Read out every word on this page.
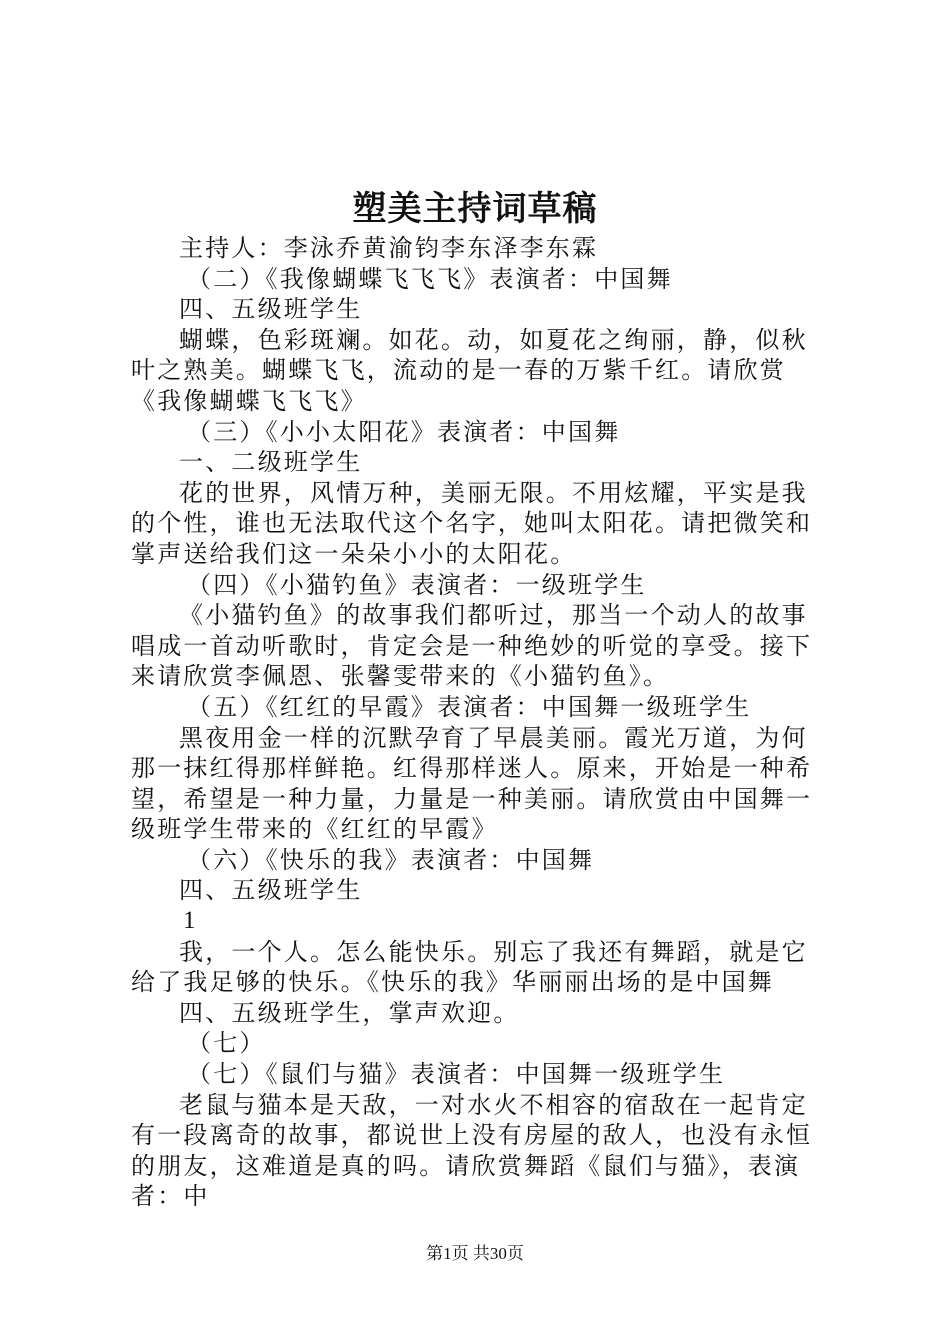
塑美主持词草稿

主持人：李泳乔黄渝钧李东泽李东霖

（二）《我像蝴蝶飞飞飞》表演者：中国舞

四、五级班学生

蝴蝶，色彩斑斓。如花。动，如夏花之绚丽，静，似秋叶之熟美。蝴蝶飞飞，流动的是一春的万紫千红。请欣赏《我像蝴蝶飞飞飞》

（三）《小小太阳花》表演者：中国舞

一、二级班学生

花的世界，风情万种，美丽无限。不用炫耀，平实是我的个性，谁也无法取代这个名字，她叫太阳花。请把微笑和掌声送给我们这一朵朵小小的太阳花。

（四）《小猫钓鱼》表演者：一级班学生

《小猫钓鱼》的故事我们都听过，那当一个动人的故事唱成一首动听歌时，肯定会是一种绝妙的听觉的享受。接下来请欣赏李佩恩、张馨雯带来的《小猫钓鱼》。

（五）《红红的早霞》表演者：中国舞一级班学生

黑夜用金一样的沉默孕育了早晨美丽。霞光万道，为何那一抹红得那样鲜艳。红得那样迷人。原来，开始是一种希望，希望是一种力量，力量是一种美丽。请欣赏由中国舞一级班学生带来的《红红的早霞》

（六）《快乐的我》表演者：中国舞

四、五级班学生

1

我，一个人。怎么能快乐。别忘了我还有舞蹈，就是它给了我足够的快乐。《快乐的我》华丽丽出场的是中国舞

四、五级班学生，掌声欢迎。

（七）

（七）《鼠们与猫》表演者：中国舞一级班学生

老鼠与猫本是天敌，一对水火不相容的宿敌在一起肯定有一段离奇的故事，都说世上没有房屋的敌人，也没有永恒的朋友，这难道是真的吗。请欣赏舞蹈《鼠们与猫》，表演者：中

第1页 共30页
